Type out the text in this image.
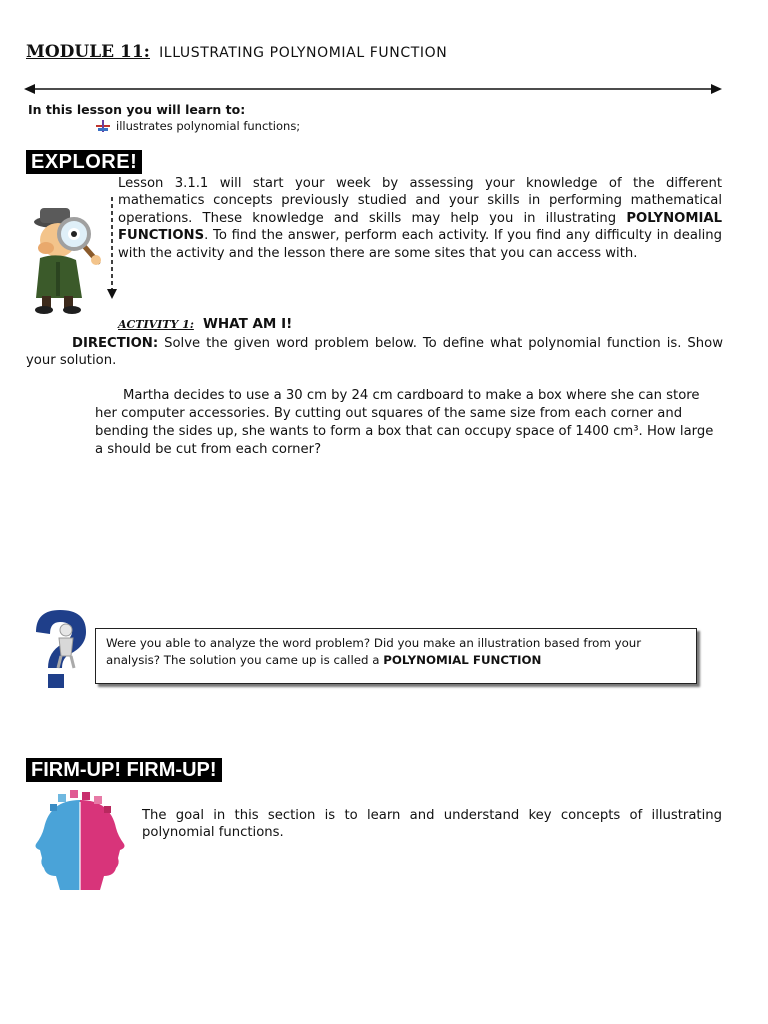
MODULE 11: ILLUSTRATING POLYNOMIAL FUNCTION
In this lesson you will learn to:
illustrates polynomial functions;
EXPLORE!
Lesson 3.1.1 will start your week by assessing your knowledge of the different mathematics concepts previously studied and your skills in performing mathematical operations. These knowledge and skills may help you in illustrating POLYNOMIAL FUNCTIONS. To find the answer, perform each activity. If you find any difficulty in dealing with the activity and the lesson there are some sites that you can access with.
ACTIVITY 1: WHAT AM I!
DIRECTION: Solve the given word problem below. To define what polynomial function is. Show your solution.
Martha decides to use a 30 cm by 24 cm cardboard to make a box where she can store her computer accessories. By cutting out squares of the same size from each corner and bending the sides up, she wants to form a box that can occupy space of 1400 cm³. How large a should be cut from each corner?
Were you able to analyze the word problem? Did you make an illustration based from your analysis? The solution you came up is called a POLYNOMIAL FUNCTION
FIRM-UP! FIRM-UP!
The goal in this section is to learn and understand key concepts of illustrating polynomial functions.
